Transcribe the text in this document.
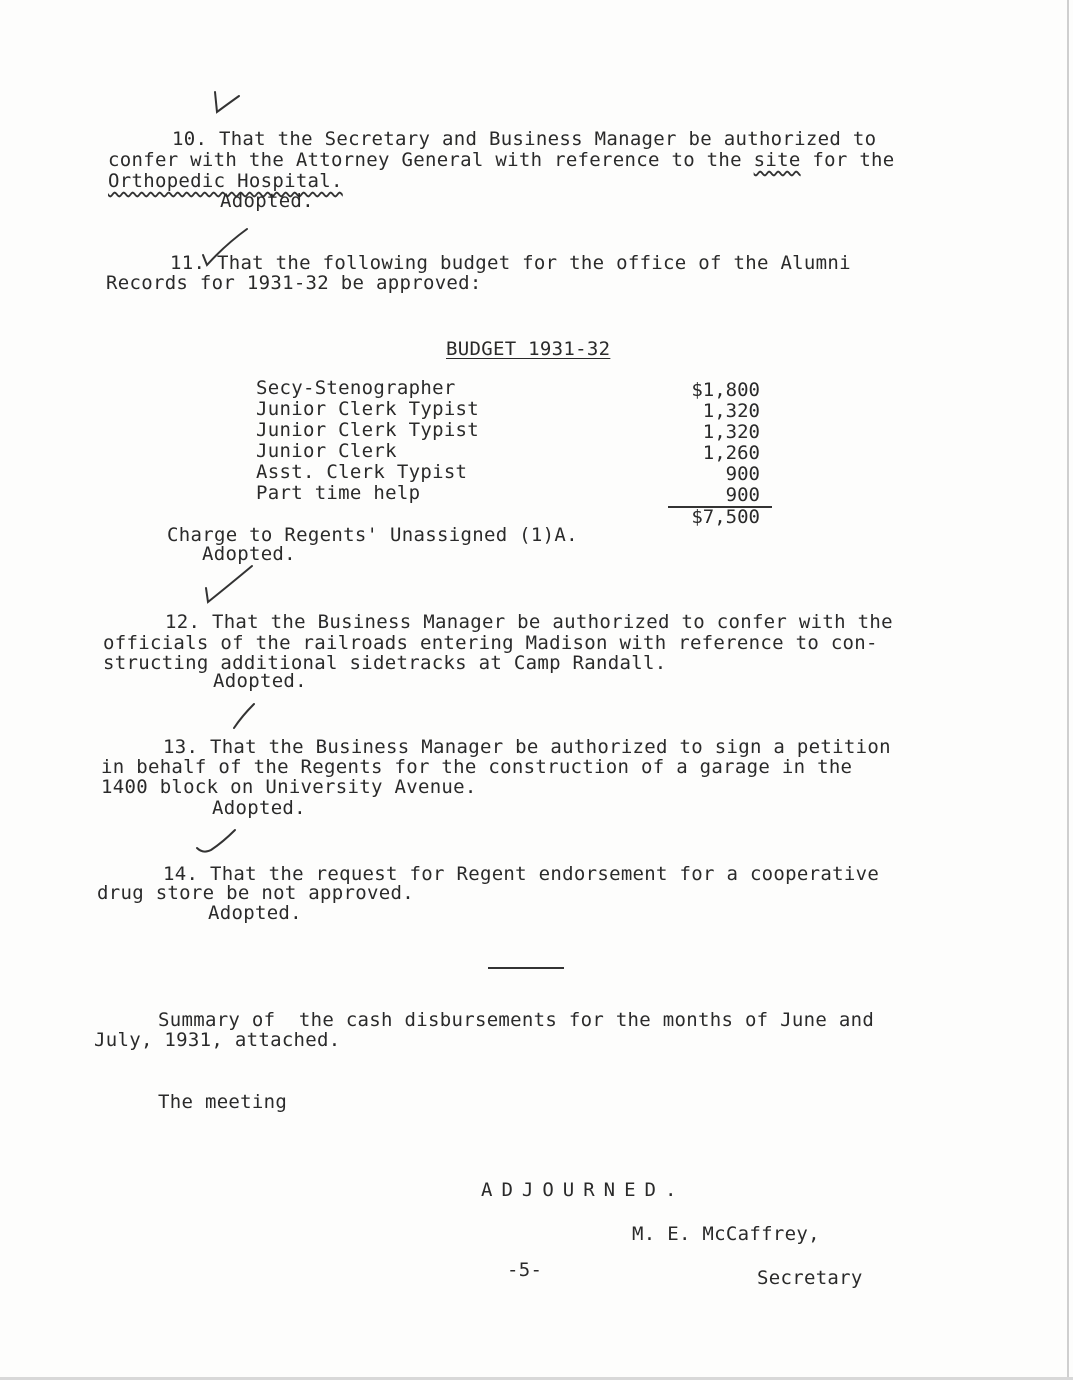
10. That the Secretary and Business Manager be authorized to
confer with the Attorney General with reference to the site for the
Orthopedic Hospital.
Adopted.
11. That the following budget for the office of the Alumni
Records for 1931-32 be approved:
BUDGET 1931-32
Secy-Stenographer	$1,800
Junior Clerk Typist	1,320
Junior Clerk Typist	1,320
Junior Clerk	1,260
Asst. Clerk Typist	900
Part time help	900
$7,500
Charge to Regents' Unassigned (1)A.
Adopted.
12. That the Business Manager be authorized to confer with the
officials of the railroads entering Madison with reference to con-
structing additional sidetracks at Camp Randall.
Adopted.
13. That the Business Manager be authorized to sign a petition
in behalf of the Regents for the construction of a garage in the
1400 block on University Avenue.
Adopted.
14. That the request for Regent endorsement for a cooperative
drug store be not approved.
Adopted.
Summary of  the cash disbursements for the months of June and
July, 1931, attached.
The meeting
ADJOURNED.
M. E. McCaffrey,
-5-	Secretary
